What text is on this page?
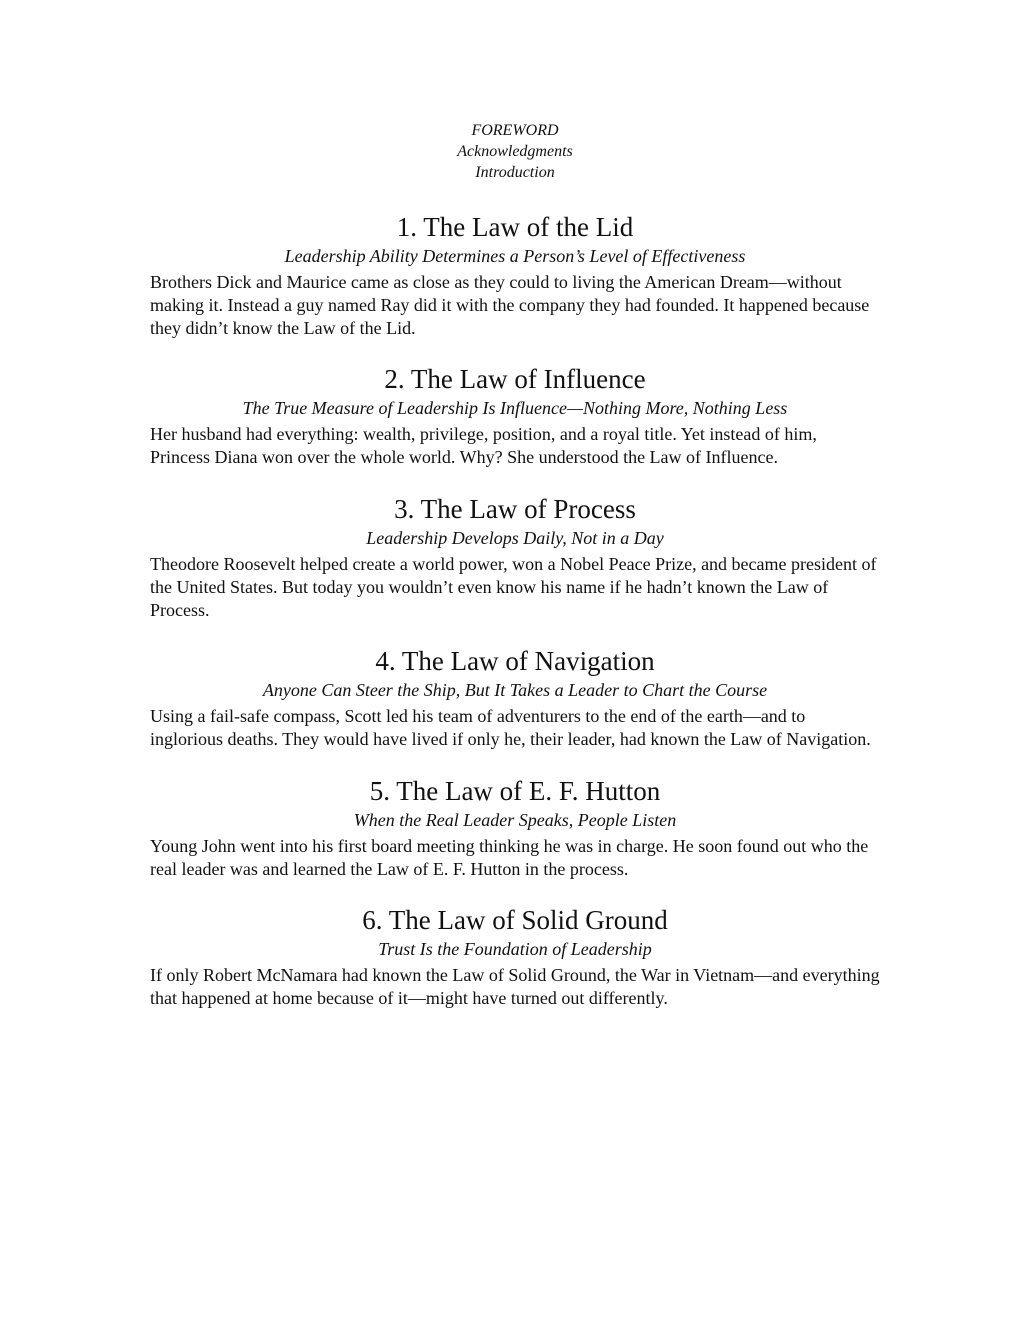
FOREWORD
Acknowledgments
Introduction
1. The Law of the Lid
Leadership Ability Determines a Person’s Level of Effectiveness

Brothers Dick and Maurice came as close as they could to living the American Dream—without making it. Instead a guy named Ray did it with the company they had founded. It happened because they didn’t know the Law of the Lid.

2. The Law of Influence
The True Measure of Leadership Is Influence—Nothing More, Nothing Less

Her husband had everything: wealth, privilege, position, and a royal title. Yet instead of him, Princess Diana won over the whole world. Why? She understood the Law of Influence.

3. The Law of Process
Leadership Develops Daily, Not in a Day

Theodore Roosevelt helped create a world power, won a Nobel Peace Prize, and became president of the United States. But today you wouldn’t even know his name if he hadn’t known the Law of Process.

4. The Law of Navigation
Anyone Can Steer the Ship, But It Takes a Leader to Chart the Course

Using a fail-safe compass, Scott led his team of adventurers to the end of the earth—and to inglorious deaths. They would have lived if only he, their leader, had known the Law of Navigation.

5. The Law of E. F. Hutton
When the Real Leader Speaks, People Listen

Young John went into his first board meeting thinking he was in charge. He soon found out who the real leader was and learned the Law of E. F. Hutton in the process.

6. The Law of Solid Ground
Trust Is the Foundation of Leadership

If only Robert McNamara had known the Law of Solid Ground, the War in Vietnam—and everything that happened at home because of it—might have turned out differently.
